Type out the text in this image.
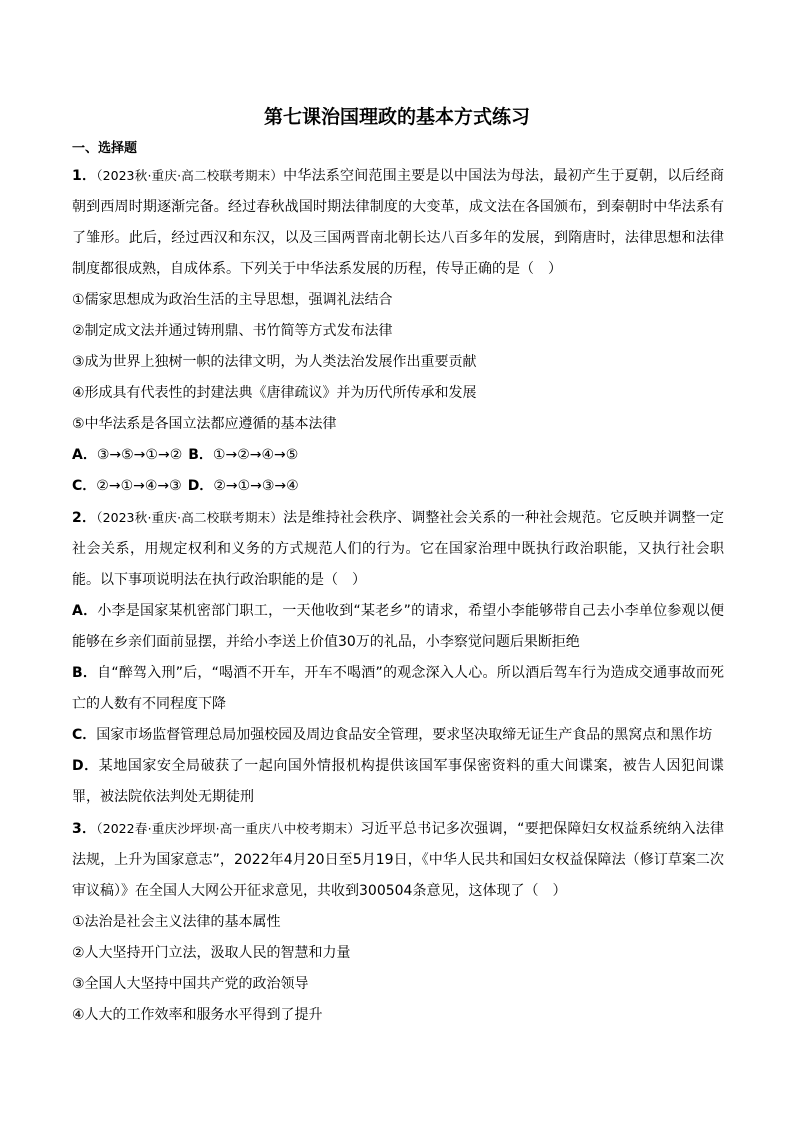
第七课治国理政的基本方式练习
一、选择题

1．（2023秋·重庆·高二校联考期末）中华法系空间范围主要是以中国法为母法，最初产生于夏朝，以后经商朝到西周时期逐渐完备。经过春秋战国时期法律制度的大变革，成文法在各国颁布，到秦朝时中华法系有了雏形。此后，经过西汉和东汉，以及三国两晋南北朝长达八百多年的发展，到隋唐时，法律思想和法律制度都很成熟，自成体系。下列关于中华法系发展的历程，传导正确的是（　）

①儒家思想成为政治生活的主导思想，强调礼法结合

②制定成文法并通过铸刑鼎、书竹简等方式发布法律

③成为世界上独树一帜的法律文明，为人类法治发展作出重要贡献

④形成具有代表性的封建法典《唐律疏议》并为历代所传承和发展

⑤中华法系是各国立法都应遵循的基本法律

A．③→⑤→①→② B．①→②→④→⑤

C．②→①→④→③ D．②→①→③→④

2．（2023秋·重庆·高二校联考期末）法是维持社会秩序、调整社会关系的一种社会规范。它反映并调整一定社会关系，用规定权利和义务的方式规范人们的行为。它在国家治理中既执行政治职能，又执行社会职能。以下事项说明法在执行政治职能的是（　）

A．小李是国家某机密部门职工，一天他收到“某老乡”的请求，希望小李能够带自己去小李单位参观以便能够在乡亲们面前显摆，并给小李送上价值30万的礼品，小李察觉问题后果断拒绝

B．自“醉驾入刑”后，“喝酒不开车，开车不喝酒”的观念深入人心。所以酒后驾车行为造成交通事故而死亡的人数有不同程度下降

C．国家市场监督管理总局加强校园及周边食品安全管理，要求坚决取缔无证生产食品的黑窝点和黑作坊

D．某地国家安全局破获了一起向国外情报机构提供该国军事保密资料的重大间谍案，被告人因犯间谍罪，被法院依法判处无期徒刑

3．（2022春·重庆沙坪坝·高一重庆八中校考期末）习近平总书记多次强调，“要把保障妇女权益系统纳入法律法规，上升为国家意志”，2022年4月20日至5月19日，《中华人民共和国妇女权益保障法（修订草案二次审议稿）》在全国人大网公开征求意见，共收到300504条意见，这体现了（　）

①法治是社会主义法律的基本属性

②人大坚持开门立法，汲取人民的智慧和力量

③全国人大坚持中国共产党的政治领导

④人大的工作效率和服务水平得到了提升
